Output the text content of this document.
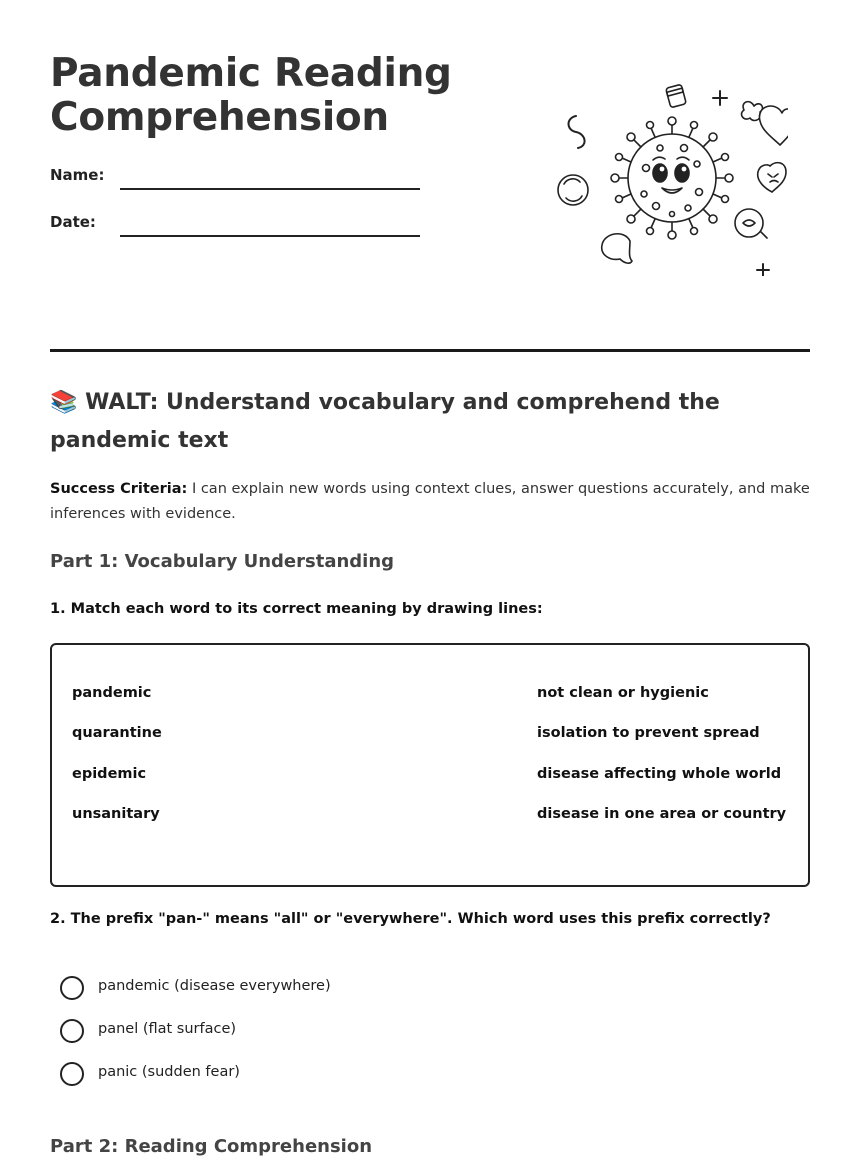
Pandemic Reading
Comprehension
Name:
Date:
📚 WALT: Understand vocabulary and comprehend the pandemic text

Success Criteria: I can explain new words using context clues, answer questions accurately, and make inferences with evidence.

Part 1: Vocabulary Understanding

1. Match each word to its correct meaning by drawing lines:

pandemic
quarantine
epidemic
unsanitary
not clean or hygienic
isolation to prevent spread
disease affecting whole world
disease in one area or country

2. The prefix "pan-" means "all" or "everywhere". Which word uses this prefix correctly?

pandemic (disease everywhere)
panel (flat surface)
panic (sudden fear)
Part 2: Reading Comprehension
